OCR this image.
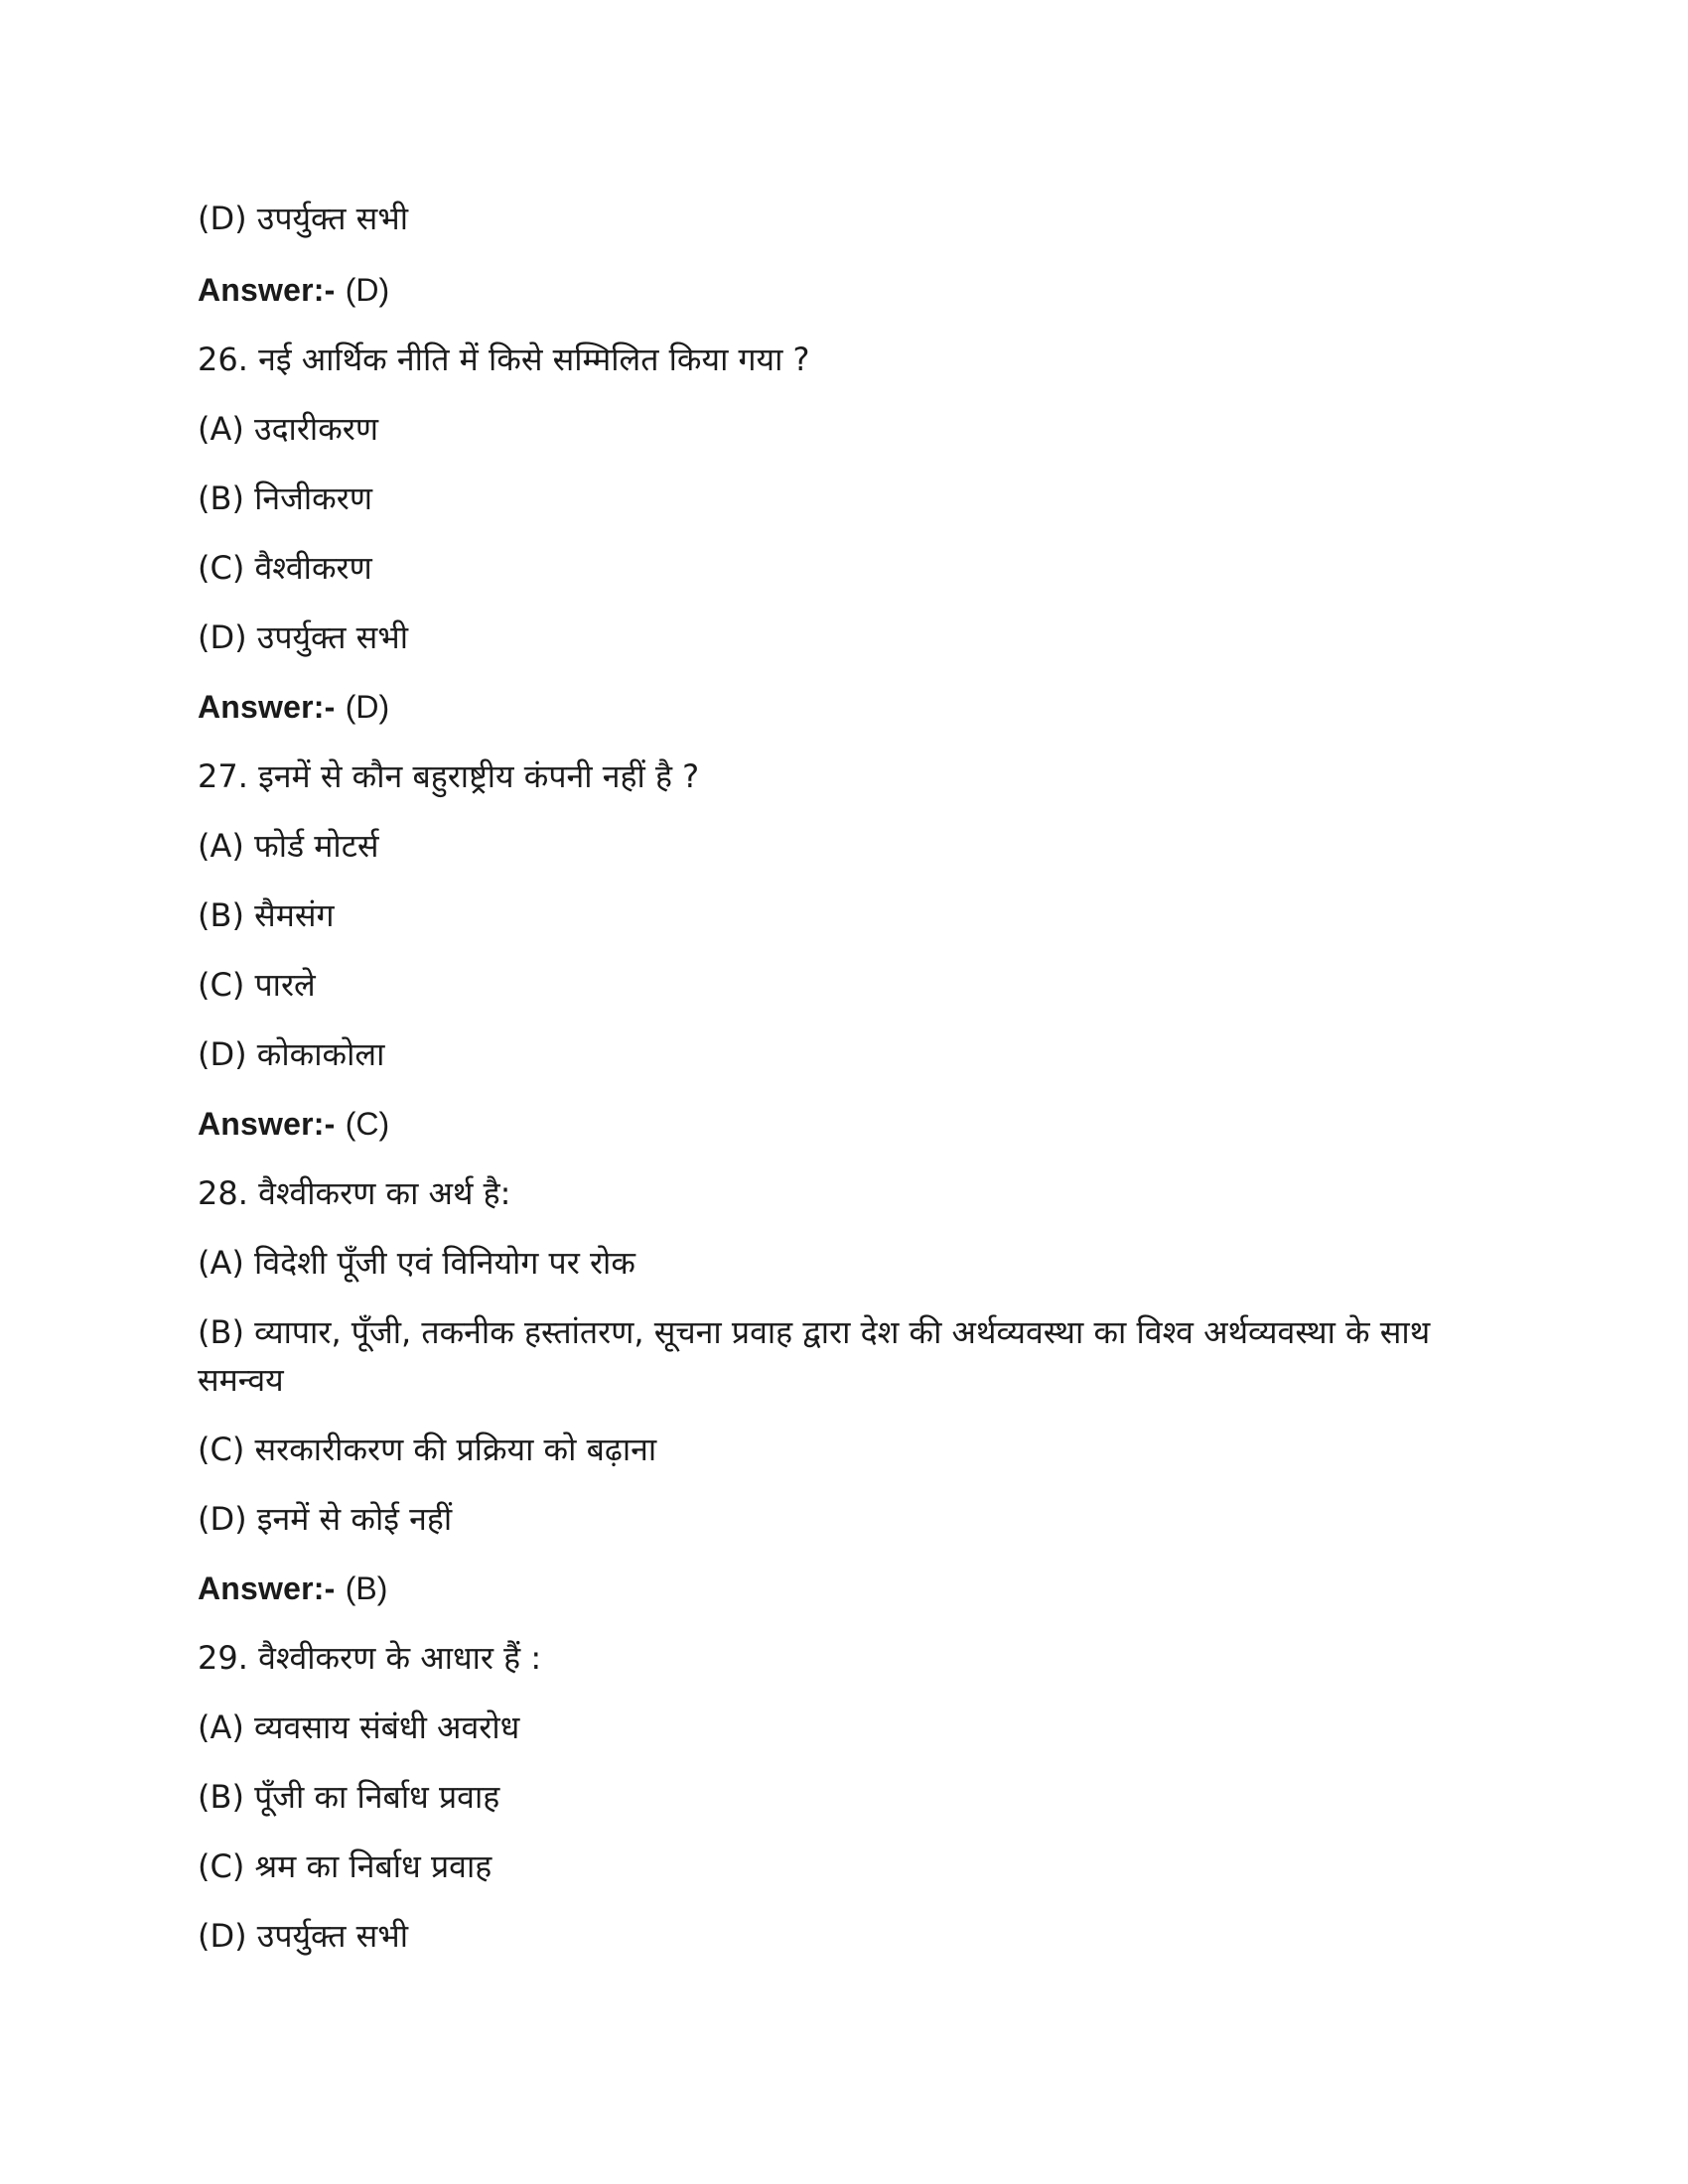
(D) उपर्युक्त सभी
Answer:- (D)
26. नई आर्थिक नीति में किसे सम्मिलित किया गया ?
(A) उदारीकरण
(B) निजीकरण
(C) वैश्वीकरण
(D) उपर्युक्त सभी
Answer:- (D)
27. इनमें से कौन बहुराष्ट्रीय कंपनी नहीं है ?
(A) फोर्ड मोटर्स
(B) सैमसंग
(C) पारले
(D) कोकाकोला
Answer:- (C)
28. वैश्वीकरण का अर्थ है:
(A) विदेशी पूँजी एवं विनियोग पर रोक
(B) व्यापार, पूँजी, तकनीक हस्तांतरण, सूचना प्रवाह द्वारा देश की अर्थव्यवस्था का विश्व अर्थव्यवस्था के साथ समन्वय
(C) सरकारीकरण की प्रक्रिया को बढ़ाना
(D) इनमें से कोई नहीं
Answer:- (B)
29. वैश्वीकरण के आधार हैं :
(A) व्यवसाय संबंधी अवरोध
(B) पूँजी का निर्बाध प्रवाह
(C) श्रम का निर्बाध प्रवाह
(D) उपर्युक्त सभी
